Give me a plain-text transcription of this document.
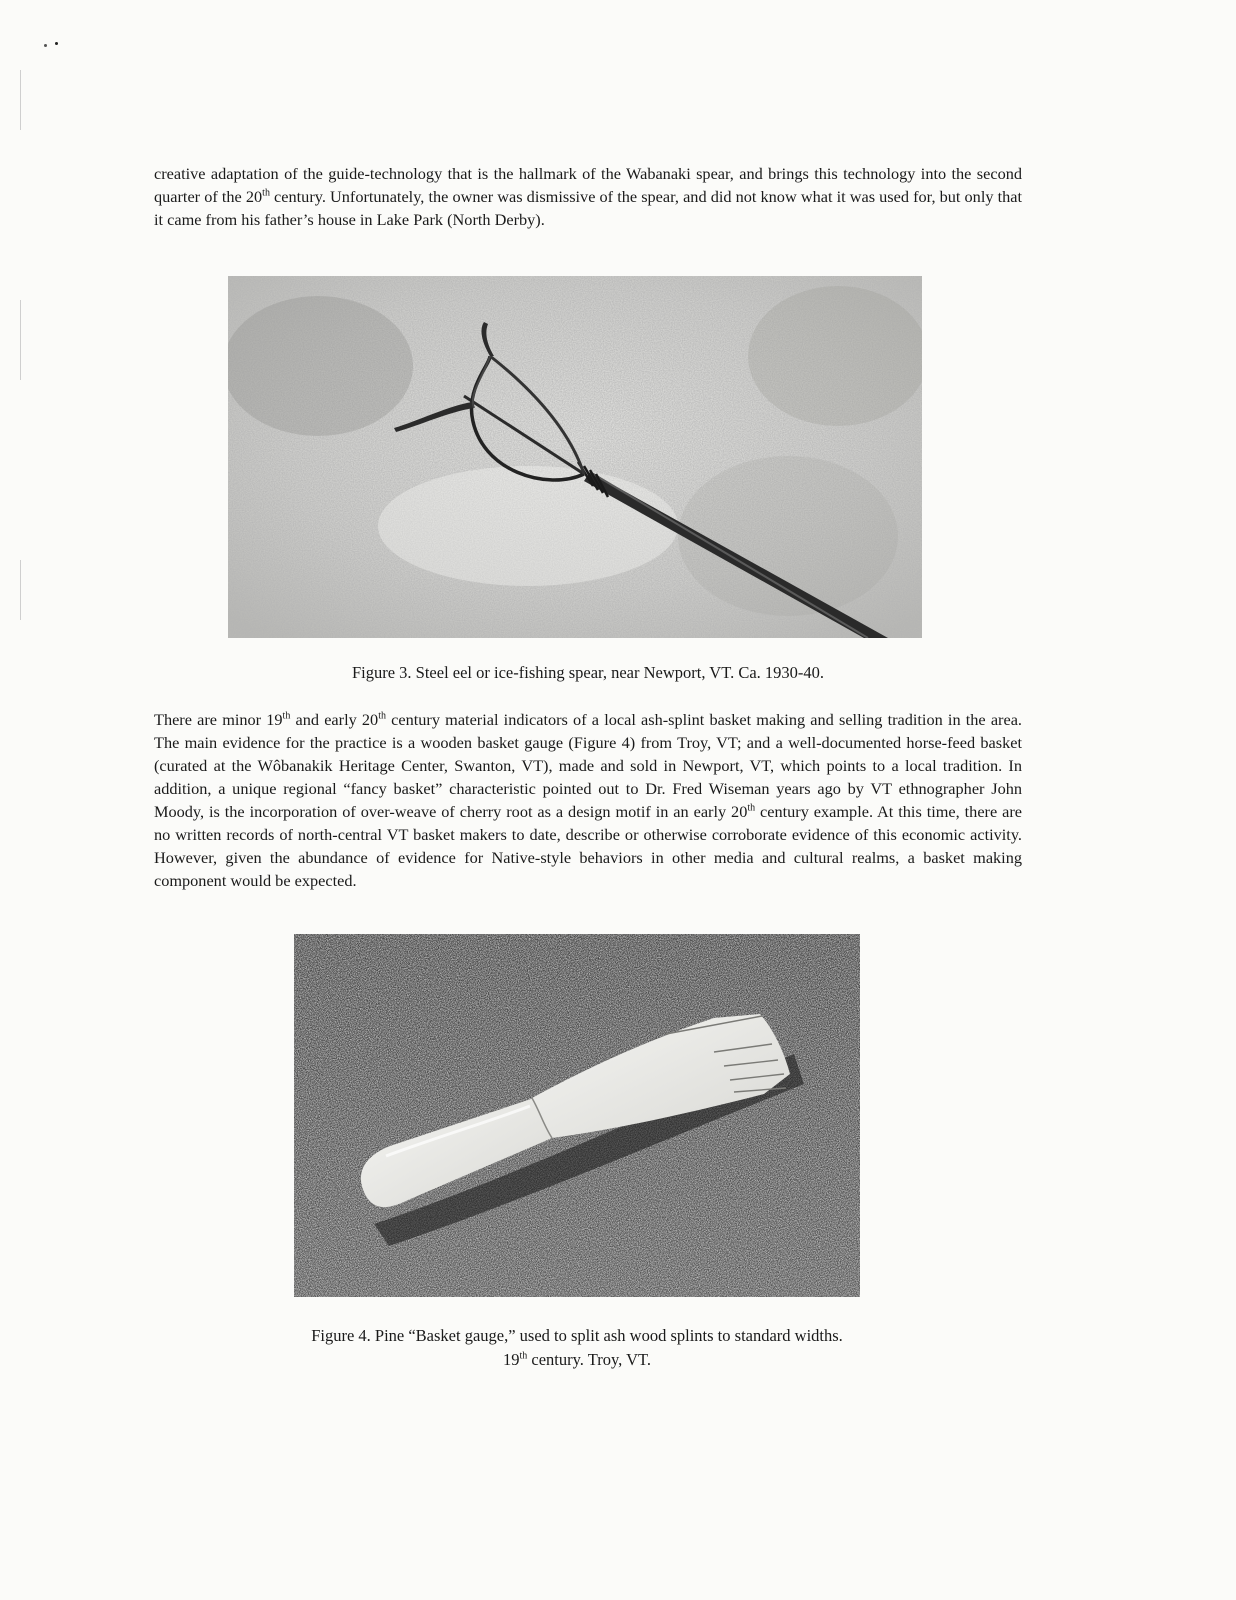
creative adaptation of the guide-technology that is the hallmark of the Wabanaki spear, and brings this technology into the second quarter of the 20th century. Unfortunately, the owner was dismissive of the spear, and did not know what it was used for, but only that it came from his father’s house in Lake Park (North Derby).

Figure 3. Steel eel or ice-fishing spear, near Newport, VT. Ca. 1930-40.

There are minor 19th and early 20th century material indicators of a local ash-splint basket making and selling tradition in the area. The main evidence for the practice is a wooden basket gauge (Figure 4) from Troy, VT; and a well-documented horse-feed basket (curated at the Wôbanakik Heritage Center, Swanton, VT), made and sold in Newport, VT, which points to a local tradition. In addition, a unique regional “fancy basket” characteristic pointed out to Dr. Fred Wiseman years ago by VT ethnographer John Moody, is the incorporation of over-weave of cherry root as a design motif in an early 20th century example. At this time, there are no written records of north-central VT basket makers to date, describe or otherwise corroborate evidence of this economic activity. However, given the abundance of evidence for Native-style behaviors in other media and cultural realms, a basket making component would be expected.

Figure 4. Pine “Basket gauge,” used to split ash wood splints to standard widths.

19th century. Troy, VT.
